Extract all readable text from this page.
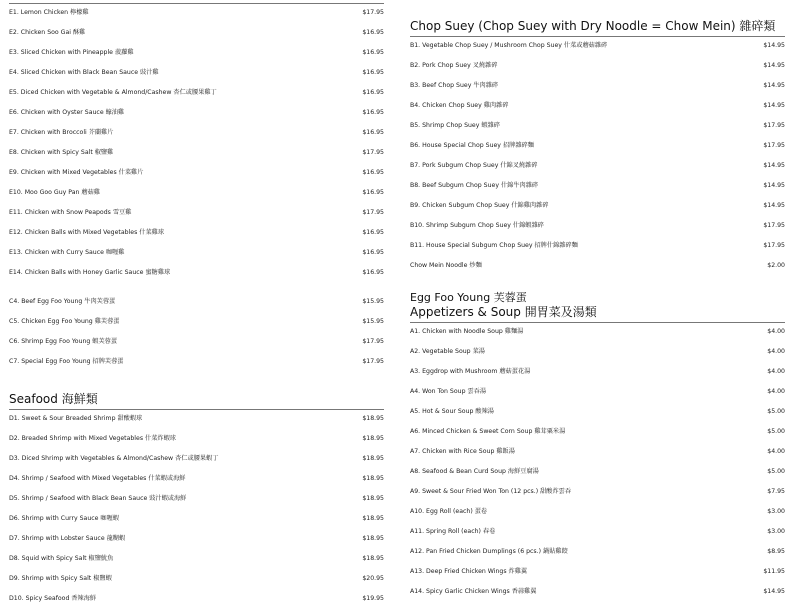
E1. Lemon Chicken 檸檬雞	$17.95
E2. Chicken Soo Gai 酥雞	$16.95
E3. Sliced Chicken with Pineapple 菠蘿雞	$16.95
E4. Sliced Chicken with Black Bean Sauce 豉汁雞	$16.95
E5. Diced Chicken with Vegetable & Almond/Cashew 杏仁或腰果雞丁	$16.95
E6. Chicken with Oyster Sauce 蠔油雞	$16.95
E7. Chicken with Broccoli 芥蘭雞片	$16.95
E8. Chicken with Spicy Salt 椒鹽雞	$17.95
E9. Chicken with Mixed Vegetables 什菜雞片	$16.95
E10. Moo Goo Guy Pan 蘑菇雞	$16.95
E11. Chicken with Snow Peapods 雪豆雞	$17.95
E12. Chicken Balls with Mixed Vegetables 什菜雞球	$16.95
E13. Chicken with Curry Sauce 咖喱雞	$16.95
E14. Chicken Balls with Honey Garlic Sauce 蜜糖雞球	$16.95
C4. Beef Egg Foo Young 牛肉芙蓉蛋	$15.95
C5. Chicken Egg Foo Young 雞芙蓉蛋	$15.95
C6. Shrimp Egg Foo Young 蝦芙蓉蛋	$17.95
C7. Special Egg Foo Young 招牌芙蓉蛋	$17.95
Seafood 海鮮類
D1. Sweet & Sour Breaded Shrimp 甜酸蝦球	$18.95
D2. Breaded Shrimp with Mixed Vegetables 什菜炸蝦球	$18.95
D3. Diced Shrimp with Vegetables & Almond/Cashew 杏仁或腰果蝦丁	$18.95
D4. Shrimp / Seafood with Mixed Vegetables 什菜蝦或海鮮	$18.95
D5. Shrimp / Seafood with Black Bean Sauce 豉汁蝦或海鮮	$18.95
D6. Shrimp with Curry Sauce 咖喱蝦	$18.95
D7. Shrimp with Lobster Sauce 龍糊蝦	$18.95
D8. Squid with Spicy Salt 椒鹽魷魚	$18.95
D9. Shrimp with Spicy Salt 椒鹽蝦	$20.95
D10. Spicy Seafood 香辣海鮮	$19.95
Chop Suey (Chop Suey with Dry Noodle = Chow Mein) 雜碎類
B1. Vegetable Chop Suey / Mushroom Chop Suey 什菜或蘑菇雜碎	$14.95
B2. Pork Chop Suey 叉燒雜碎	$14.95
B3. Beef Chop Suey 牛肉雜碎	$14.95
B4. Chicken Chop Suey 雞肉雜碎	$14.95
B5. Shrimp Chop Suey 蝦雜碎	$17.95
B6. House Special Chop Suey 招牌雜碎麵	$17.95
B7. Pork Subgum Chop Suey 什錦叉燒雜碎	$14.95
B8. Beef Subgum Chop Suey 什錦牛肉雜碎	$14.95
B9. Chicken Subgum Chop Suey 什錦雞肉雜碎	$14.95
B10. Shrimp Subgum Chop Suey 什錦蝦雜碎	$17.95
B11. House Special Subgum Chop Suey 招牌什錦雜碎麵	$17.95
Chow Mein Noodle 炒麵	$2.00
Egg Foo Young 芙蓉蛋
Appetizers & Soup 開胃菜及湯類
A1. Chicken with Noodle Soup 雞麵湯	$4.00
A2. Vegetable Soup 菜湯	$4.00
A3. Eggdrop with Mushroom 蘑菇蛋花湯	$4.00
A4. Won Ton Soup 雲吞湯	$4.00
A5. Hot & Sour Soup 酸辣湯	$5.00
A6. Minced Chicken & Sweet Corn Soup 雞茸粟米湯	$5.00
A7. Chicken with Rice Soup 雞飯湯	$4.00
A8. Seafood & Bean Curd Soup 海鮮豆腐湯	$5.00
A9. Sweet & Sour Fried Won Ton (12 pcs.) 甜酸炸雲吞	$7.95
A10. Egg Roll (each) 蛋卷	$3.00
A11. Spring Roll (each) 春卷	$3.00
A12. Pan Fried Chicken Dumplings (6 pcs.) 鍋貼雞餃	$8.95
A13. Deep Fried Chicken Wings 炸雞翼	$11.95
A14. Spicy Garlic Chicken Wings 香蒜雞翼	$14.95
